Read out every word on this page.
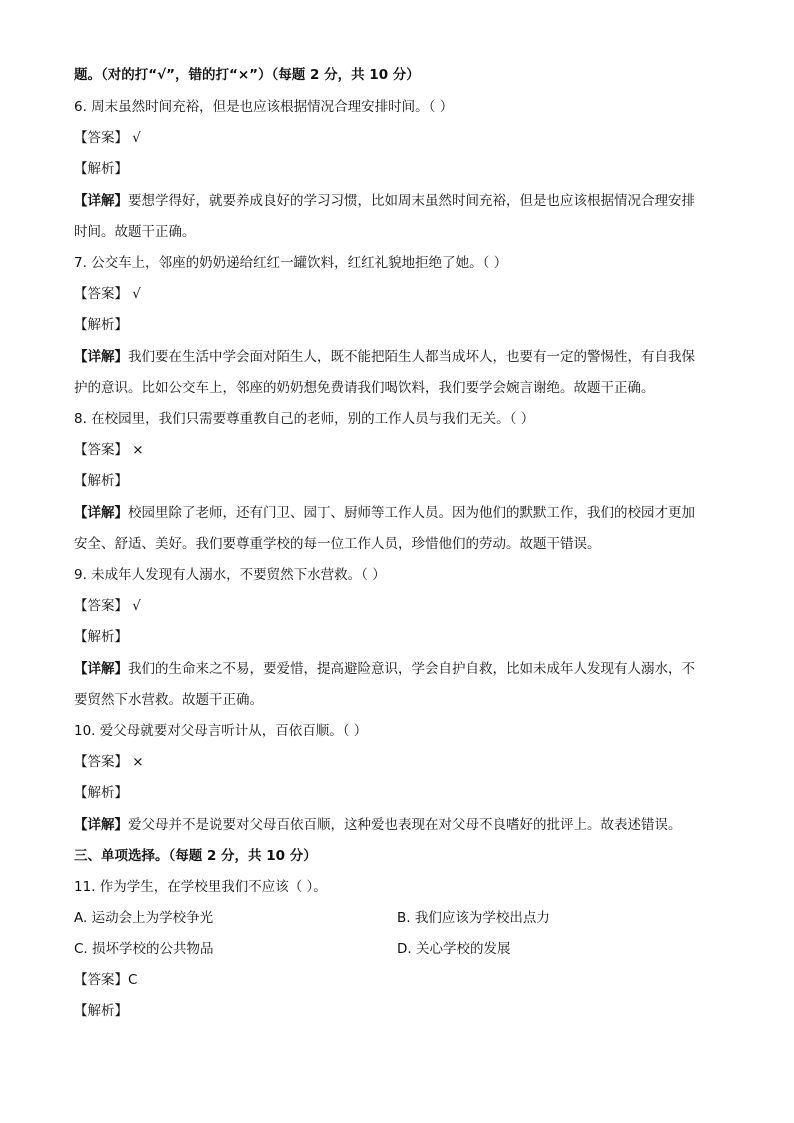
题。（对的打“√”，错的打“×”）（每题 2 分，共 10 分）
6. 周末虽然时间充裕，但是也应该根据情况合理安排时间。（ ）
【答案】 √
【解析】
【详解】要想学得好，就要养成良好的学习习惯，比如周末虽然时间充裕，但是也应该根据情况合理安排
时间。故题干正确。
7. 公交车上，邻座的奶奶递给红红一罐饮料，红红礼貌地拒绝了她。（ ）
【答案】 √
【解析】
【详解】我们要在生活中学会面对陌生人，既不能把陌生人都当成坏人，也要有一定的警惕性，有自我保
护的意识。比如公交车上，邻座的奶奶想免费请我们喝饮料，我们要学会婉言谢绝。故题干正确。
8. 在校园里，我们只需要尊重教自己的老师，别的工作人员与我们无关。（ ）
【答案】 ×
【解析】
【详解】校园里除了老师，还有门卫、园丁、厨师等工作人员。因为他们的默默工作，我们的校园才更加
安全、舒适、美好。我们要尊重学校的每一位工作人员，珍惜他们的劳动。故题干错误。
9. 未成年人发现有人溺水，不要贸然下水营救。（ ）
【答案】 √
【解析】
【详解】我们的生命来之不易，要爱惜，提高避险意识，学会自护自救，比如未成年人发现有人溺水，不
要贸然下水营救。故题干正确。
10. 爱父母就要对父母言听计从，百依百顺。（ ）
【答案】 ×
【解析】
【详解】爱父母并不是说要对父母百依百顺，这种爱也表现在对父母不良嗜好的批评上。故表述错误。
三、单项选择。（每题 2 分，共 10 分）
11. 作为学生，在学校里我们不应该（ ）。
A. 运动会上为学校争光	B. 我们应该为学校出点力
C. 损坏学校的公共物品	D. 关心学校的发展
【答案】C
【解析】
